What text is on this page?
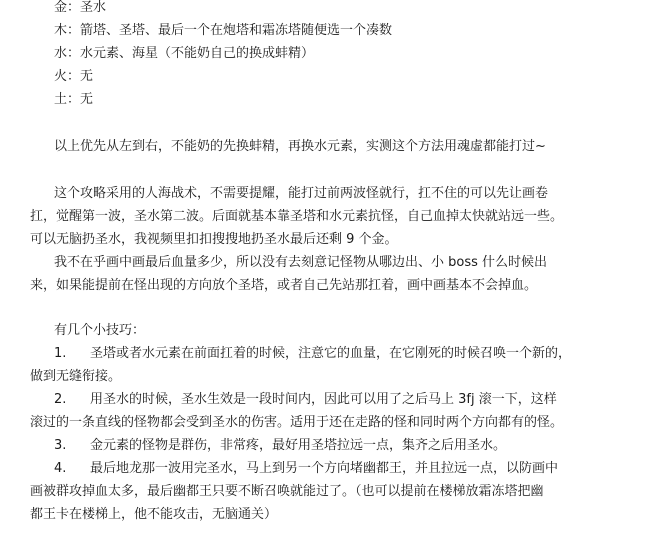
金：圣水
木：箭塔、圣塔、最后一个在炮塔和霜冻塔随便选一个凑数
水：水元素、海星（不能奶自己的换成蚌精）
火：无
土：无
以上优先从左到右，不能奶的先换蚌精，再换水元素，实测这个方法用魂虚都能打过~
这个攻略采用的人海战术，不需要提耀，能打过前两波怪就行，扛不住的可以先让画卷
扛，觉醒第一波，圣水第二波。后面就基本靠圣塔和水元素抗怪，自己血掉太快就站远一些。
可以无脑扔圣水，我视频里扣扣搜搜地扔圣水最后还剩 9 个金。
我不在乎画中画最后血量多少，所以没有去刻意记怪物从哪边出、小 boss 什么时候出
来，如果能提前在怪出现的方向放个圣塔，或者自己先站那扛着，画中画基本不会掉血。
有几个小技巧：
1. 圣塔或者水元素在前面扛着的时候，注意它的血量，在它刚死的时候召唤一个新的，
做到无缝衔接。
2. 用圣水的时候，圣水生效是一段时间内，因此可以用了之后马上 3fj 滚一下，这样
滚过的一条直线的怪物都会受到圣水的伤害。适用于还在走路的怪和同时两个方向都有的怪。
3. 金元素的怪物是群伤，非常疼，最好用圣塔拉远一点，集齐之后用圣水。
4. 最后地龙那一波用完圣水，马上到另一个方向堵幽都王，并且拉远一点，以防画中
画被群攻掉血太多，最后幽都王只要不断召唤就能过了。（也可以提前在楼梯放霜冻塔把幽
都王卡在楼梯上，他不能攻击，无脑通关）
